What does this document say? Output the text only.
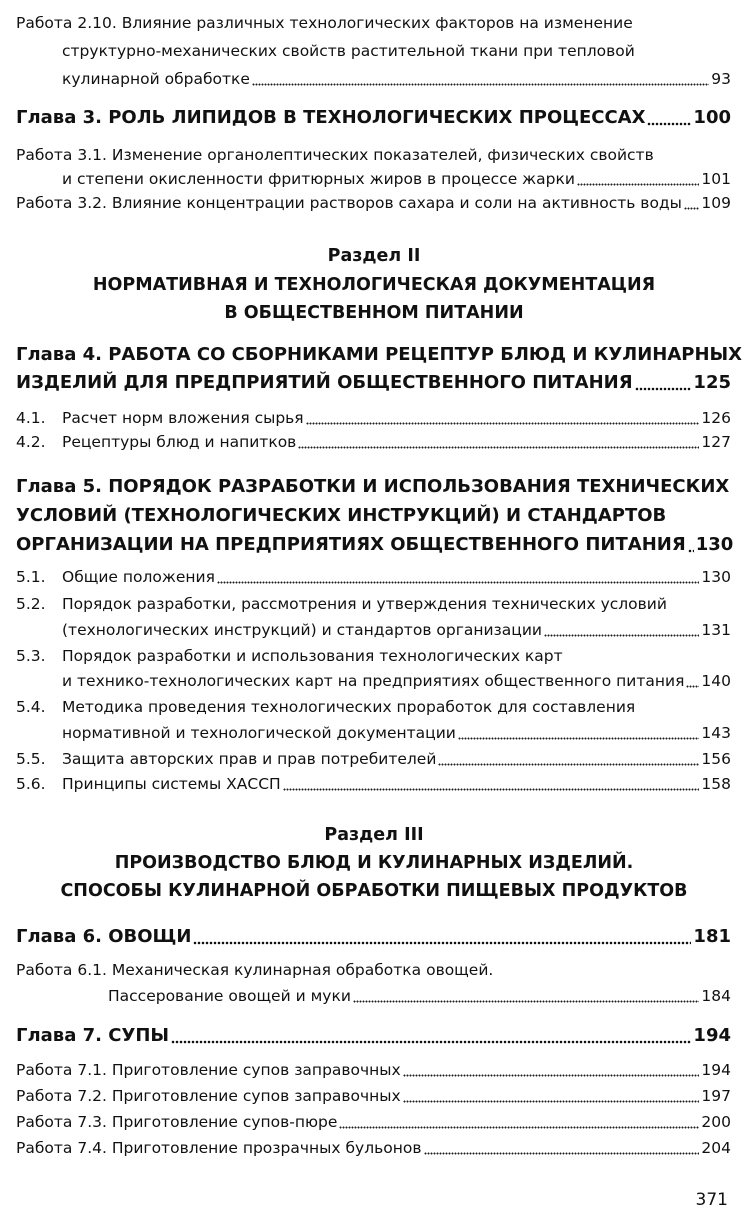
Работа 2.10.
Влияние различных технологических факторов на изменение
структурно-механических свойств растительной ткани при тепловой
кулинарной обработке	93
Глава 3. РОЛЬ ЛИПИДОВ В ТЕХНОЛОГИЧЕСКИХ ПРОЦЕССАХ	100
Работа 3.1.
Изменение органолептических показателей, физических свойств
и степени окисленности фритюрных жиров в процессе жарки	101
Работа 3.2.
Влияние концентрации растворов сахара и соли на активность воды 109
Раздел II
НОРМАТИВНАЯ И ТЕХНОЛОГИЧЕСКАЯ ДОКУМЕНТАЦИЯ
В ОБЩЕСТВЕННОМ ПИТАНИИ
Глава 4. РАБОТА СО СБОРНИКАМИ РЕЦЕПТУР БЛЮД И КУЛИНАРНЫХ
ИЗДЕЛИЙ ДЛЯ ПРЕДПРИЯТИЙ ОБЩЕСТВЕННОГО ПИТАНИЯ	125
4.1.	Расчет норм вложения сырья	126
4.2.	Рецептуры блюд и напитков	127
Глава 5. ПОРЯДОК РАЗРАБОТКИ И ИСПОЛЬЗОВАНИЯ ТЕХНИЧЕСКИХ
УСЛОВИЙ (ТЕХНОЛОГИЧЕСКИХ ИНСТРУКЦИЙ) И СТАНДАРТОВ
ОРГАНИЗАЦИИ НА ПРЕДПРИЯТИЯХ ОБЩЕСТВЕННОГО ПИТАНИЯ 130
5.1.	Общие положения	130
5.2.	Порядок разработки, рассмотрения и утверждения технических условий
(технологических инструкций) и стандартов организации	131
5.3.	Порядок разработки и использования технологических карт
и технико-технологических карт на предприятиях общественного питания 140
5.4.	Методика проведения технологических проработок для составления
нормативной и технологической документации	143
5.5.	Защита авторских прав и прав потребителей	156
5.6.	Принципы системы ХАССП	158
Раздел III
ПРОИЗВОДСТВО БЛЮД И КУЛИНАРНЫХ ИЗДЕЛИЙ.
СПОСОБЫ КУЛИНАРНОЙ ОБРАБОТКИ ПИЩЕВЫХ ПРОДУКТОВ
Глава 6. ОВОЩИ	181
Работа 6.1.
Механическая кулинарная обработка овощей.
Пассерование овощей и муки	184
Глава 7. СУПЫ	194
Работа 7.1.
Приготовление супов заправочных	194
Работа 7.2.
Приготовление супов заправочных	197
Работа 7.3.
Приготовление супов-пюре	200
Работа 7.4.
Приготовление прозрачных бульонов	204
371
